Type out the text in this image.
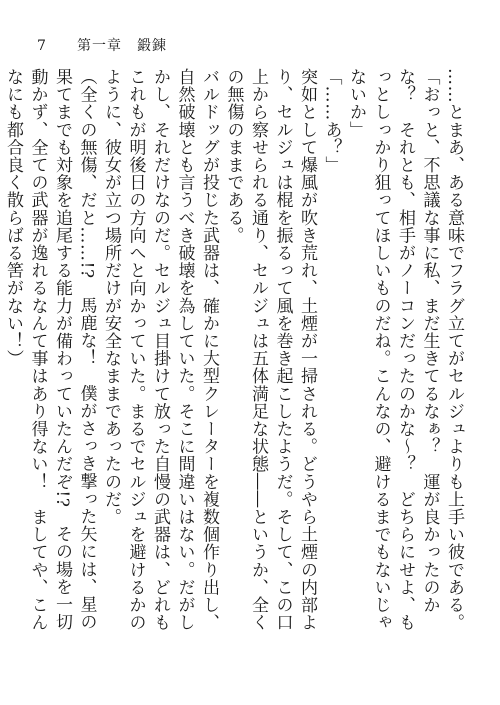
7 第一章　鍛錬

……とまあ、ある意味でフラグ立てがセルジュよりも上手い彼である。

「おっと、不思議な事に私、まだ生きてるなぁ？　運が良かったのかな？　それとも、相手がノーコンだったのかな～？　どちらにせよ、もっとしっかり狙ってほしいものだね。こんなの、避けるまでもないじゃないか」

「……あ？」

突如として爆風が吹き荒れ、土煙が一掃される。どうやら土煙の内部より、セルジュは棍を振るって風を巻き起こしたようだ。そして、この口上から察せられる通り、セルジュは五体満足な状態――というか、全くの無傷のままである。

バルドッグが投じた武器は、確かに大型クレーターを複数個作り出し、自然破壊とも言うべき破壊を為していた。そこに間違いはない。だがしかし、それだけなのだ。セルジュ目掛けて放った自慢の武器は、どれもこれもが明後日の方向へと向かっていた。まるでセルジュを避けるかのように、彼女が立つ場所だけが安全なままであったのだ。

（全くの無傷、だと……!?　馬鹿な！　僕がさっき撃った矢には、星の果てまでも対象を追尾する能力が備わっていたんだぞ!?　その場を一切動かず、全ての武器が逸れるなんて事はあり得ない！　ましてや、こんなにも都合良く散らばる筈がない！）
